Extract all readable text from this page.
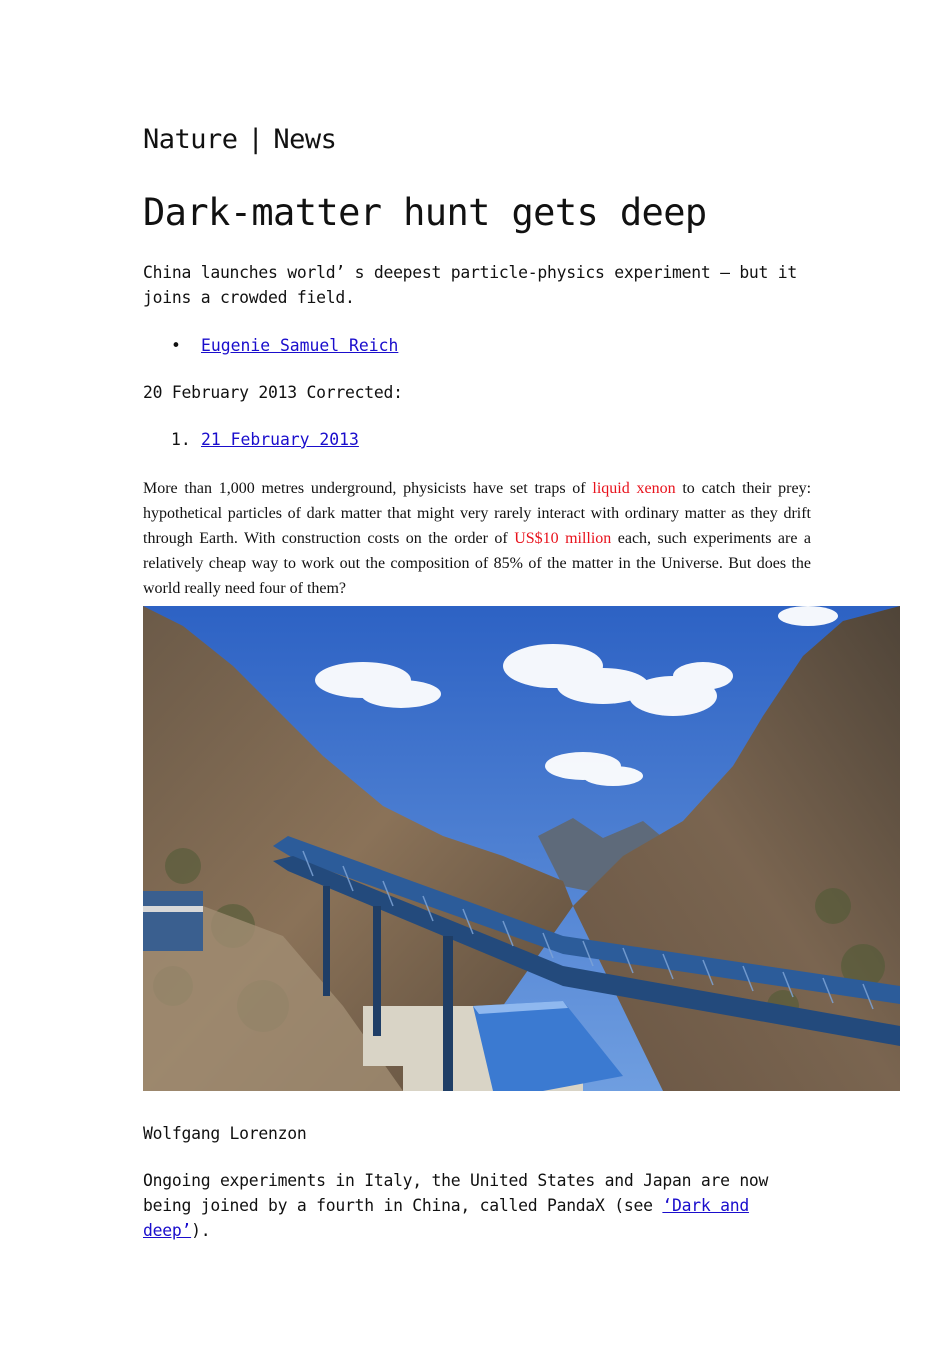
Nature | News
Dark-matter hunt gets deep

China launches world’ s deepest particle-physics experiment — but it joins a crowded field.

• Eugenie Samuel Reich

20 February 2013 Corrected:

1. 21 February 2013

More than 1,000 metres underground, physicists have set traps of liquid xenon to catch their prey: hypothetical particles of dark matter that might very rarely interact with ordinary matter as they drift through Earth. With construction costs on the order of US$10 million each, such experiments are a relatively cheap way to work out the composition of 85% of the matter in the Universe. But does the world really need four of them?

Wolfgang Lorenzon

Ongoing experiments in Italy, the United States and Japan are now being joined by a fourth in China, called PandaX (see ‘Dark and deep’).
